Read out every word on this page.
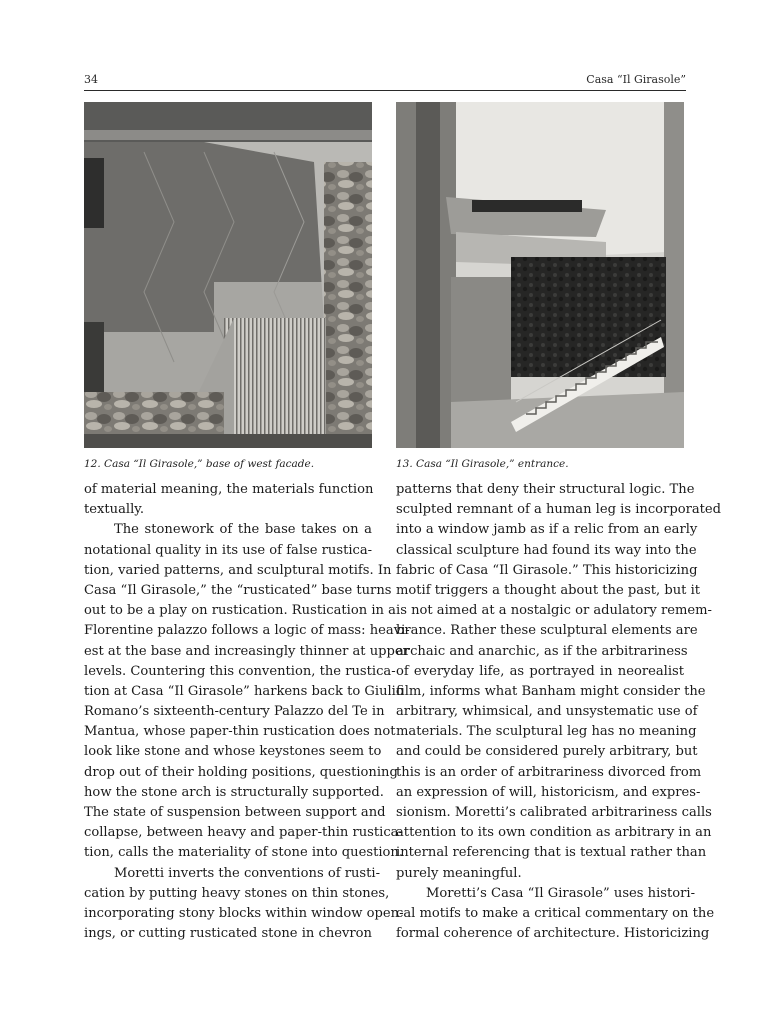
34	Casa “Il Girasole”
12. Casa “Il Girasole,” base of west facade.	13. Casa “Il Girasole,” entrance.
of material meaning, the materials function
textually.
The stonework of the base takes on a
notational quality in its use of false rustica-
tion, varied patterns, and sculptural motifs. In
Casa “Il Girasole,” the “rusticated” base turns
out to be a play on rustication. Rustication in a
Florentine palazzo follows a logic of mass: heavi-
est at the base and increasingly thinner at upper
levels. Countering this convention, the rustica-
tion at Casa “Il Girasole” harkens back to Giulio
Romano’s sixteenth-century Palazzo del Te in
Mantua, whose paper-thin rustication does not
look like stone and whose keystones seem to
drop out of their holding positions, questioning
how the stone arch is structurally supported.
The state of suspension between support and
collapse, between heavy and paper-thin rustica-
tion, calls the materiality of stone into question.
Moretti inverts the conventions of rusti-
cation by putting heavy stones on thin stones,
incorporating stony blocks within window open-
ings, or cutting rusticated stone in chevron
patterns that deny their structural logic. The
sculpted remnant of a human leg is incorporated
into a window jamb as if a relic from an early
classical sculpture had found its way into the
fabric of Casa “Il Girasole.” This historicizing
motif triggers a thought about the past, but it
is not aimed at a nostalgic or adulatory remem-
brance. Rather these sculptural elements are
archaic and anarchic, as if the arbitrariness
of everyday life, as portrayed in neorealist
film, informs what Banham might consider the
arbitrary, whimsical, and unsystematic use of
materials. The sculptural leg has no meaning
and could be considered purely arbitrary, but
this is an order of arbitrariness divorced from
an expression of will, historicism, and expres-
sionism. Moretti’s calibrated arbitrariness calls
attention to its own condition as arbitrary in an
internal referencing that is textual rather than
purely meaningful.
Moretti’s Casa “Il Girasole” uses histori-
cal motifs to make a critical commentary on the
formal coherence of architecture. Historicizing
